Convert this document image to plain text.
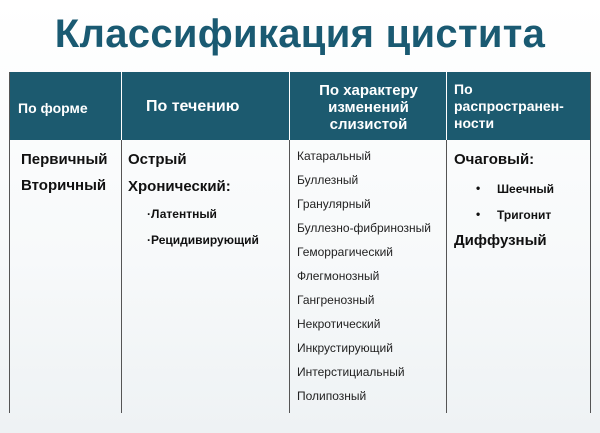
Классификация цистита
По форме	По течению
По характеру
изменений
слизистой
По
распространен-
ности
Первичный
Вторичный
Острый
Хронический:
·Латентный
·Рецидивирующий
Катаральный
Буллезный
Гранулярный
Буллезно-фибринозный
Геморрагический
Флегмонозный
Гангренозный
Некротический
Инкрустирующий
Интерстициальный
Полипозный
Очаговый:
• Шеечный
• Тригонит
Диффузный
